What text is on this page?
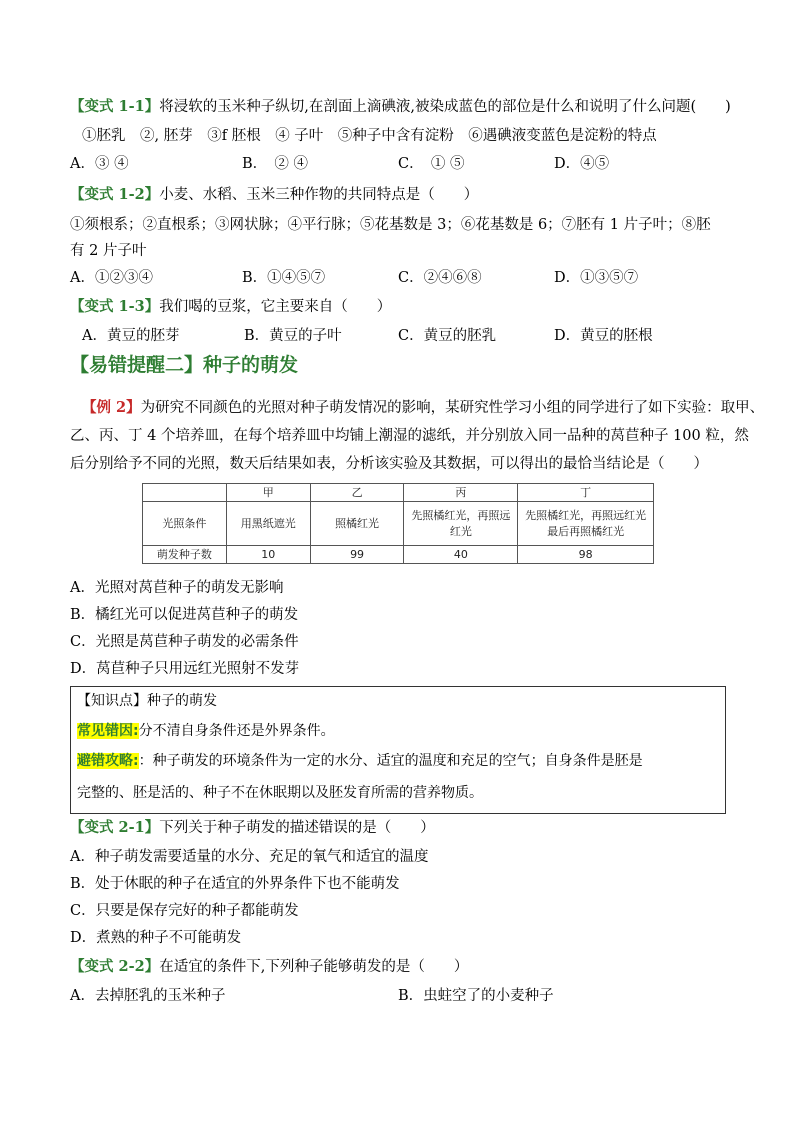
【变式 1-1】将浸软的玉米种子纵切,在剖面上滴碘液,被染成蓝色的部位是什么和说明了什么问题(　　)
①胚乳　②, 胚芽　③f 胚根　④ 子叶　⑤种子中含有淀粉　⑥遇碘液变蓝色是淀粉的特点
A．③ ④	B．　② ④	C．　① ⑤	D．④⑤
【变式 1-2】小麦、水稻、玉米三种作物的共同特点是（　　）
①须根系；②直根系；③网状脉；④平行脉；⑤花基数是 3；⑥花基数是 6；⑦胚有 1 片子叶；⑧胚
有 2 片子叶
A．①②③④	B．①④⑤⑦	C．②④⑥⑧	D．①③⑤⑦
【变式 1-3】我们喝的豆浆，它主要来自（　　）
A．黄豆的胚芽	B．黄豆的子叶	C．黄豆的胚乳	D．黄豆的胚根
【易错提醒二】种子的萌发
【例 2】为研究不同颜色的光照对种子萌发情况的影响，某研究性学习小组的同学进行了如下实验：取甲、
乙、丙、丁 4 个培养皿，在每个培养皿中均铺上潮湿的滤纸，并分别放入同一品种的莴苣种子 100 粒，然
后分别给予不同的光照，数天后结果如表，分析该实验及其数据，可以得出的最恰当结论是（　　）
	甲	乙	丙	丁
光照条件	用黑纸遮光	照橘红光	先照橘红光，再照远红光	先照橘红光，再照远红光最后再照橘红光
萌发种子数	10	99	40	98
A．光照对莴苣种子的萌发无影响
B．橘红光可以促进莴苣种子的萌发
C．光照是莴苣种子萌发的必需条件
D．莴苣种子只用远红光照射不发芽
【知识点】种子的萌发
常见错因:分不清自身条件还是外界条件。
避错攻略:：种子萌发的环境条件为一定的水分、适宜的温度和充足的空气；自身条件是胚是
完整的、胚是活的、种子不在休眠期以及胚发育所需的营养物质。
【变式 2-1】下列关于种子萌发的描述错误的是（　　）
A．种子萌发需要适量的水分、充足的氧气和适宜的温度
B．处于休眠的种子在适宜的外界条件下也不能萌发
C．只要是保存完好的种子都能萌发
D．煮熟的种子不可能萌发
【变式 2-2】在适宜的条件下,下列种子能够萌发的是（　　）
A．去掉胚乳的玉米种子	B．虫蛀空了的小麦种子
